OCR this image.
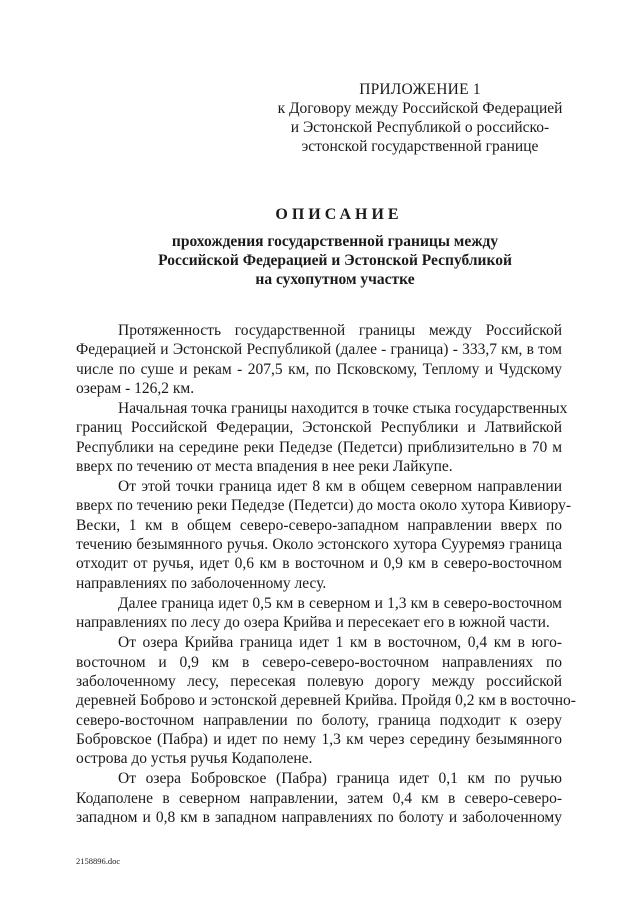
ПРИЛОЖЕНИЕ 1
к Договору между Российской Федерацией
и Эстонской Республикой о российско-
эстонской государственной границе
ОПИСАНИЕ
прохождения государственной границы между
Российской Федерацией и Эстонской Республикой
на сухопутном участке
Протяженность государственной границы между Российской
Федерацией и Эстонской Республикой (далее - граница) - 333,7 км, в том
числе по суше и рекам - 207,5 км, по Псковскому, Теплому и Чудскому
озерам - 126,2 км.
Начальная точка границы находится в точке стыка государственных
границ Российской Федерации, Эстонской Республики и Латвийской
Республики на середине реки Педедзе (Педетси) приблизительно в 70 м
вверх по течению от места впадения в нее реки Лайкупе.
От этой точки граница идет 8 км в общем северном направлении
вверх по течению реки Педедзе (Педетси) до моста около хутора Кивиору-
Вески, 1 км в общем северо-северо-западном направлении вверх по
течению безымянного ручья. Около эстонского хутора Сууремяэ граница
отходит от ручья, идет 0,6 км в восточном и 0,9 км в северо-восточном
направлениях по заболоченному лесу.
Далее граница идет 0,5 км в северном и 1,3 км в северо-восточном
направлениях по лесу до озера Крийва и пересекает его в южной части.
От озера Крийва граница идет 1 км в восточном, 0,4 км в юго-
восточном и 0,9 км в северо-северо-восточном направлениях по
заболоченному лесу, пересекая полевую дорогу между российской
деревней Боброво и эстонской деревней Крийва. Пройдя 0,2 км в восточно-
северо-восточном направлении по болоту, граница подходит к озеру
Бобровское (Пабра) и идет по нему 1,3 км через середину безымянного
острова до устья ручья Кодаполене.
От озера Бобровское (Пабра) граница идет 0,1 км по ручью
Кодаполене в северном направлении, затем 0,4 км в северо-северо-
западном и 0,8 км в западном направлениях по болоту и заболоченному
2158896.doc
